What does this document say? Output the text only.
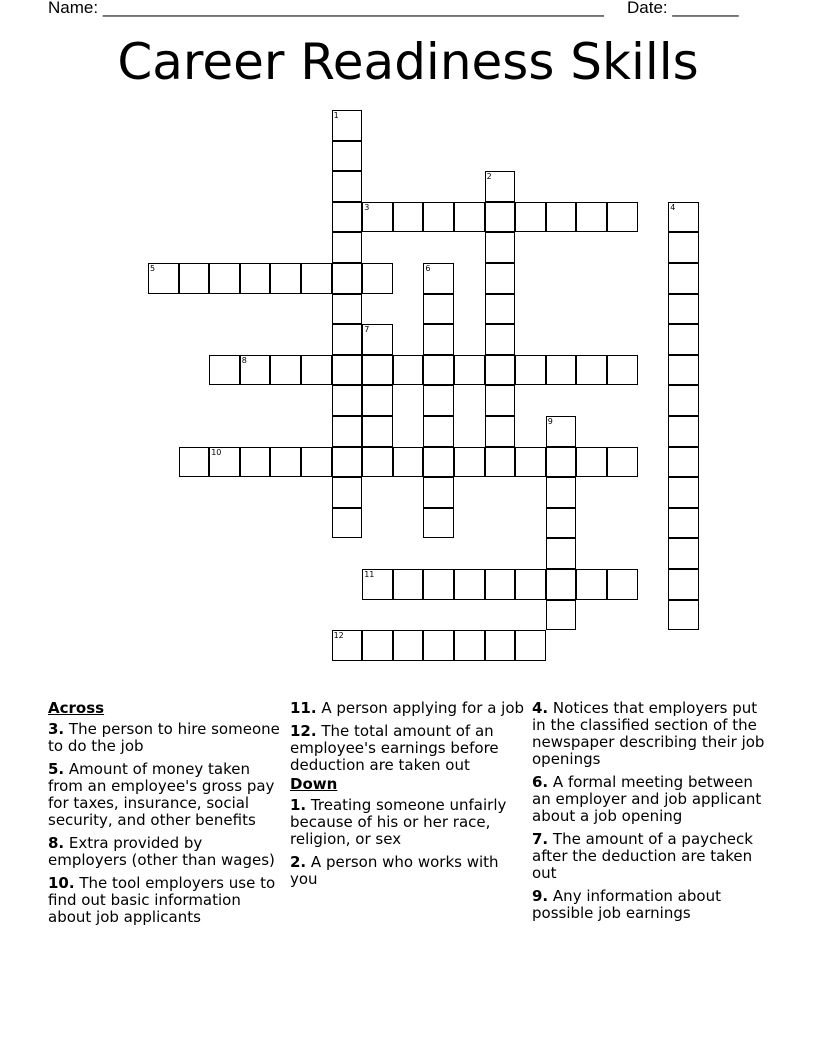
Name: _____________________________________________________ Date: _______
Career Readiness Skills
1
2
3	4
5	6
7
8
9
10
11
12
Across
3. The person to hire someone to do the job
5. Amount of money taken from an employee's gross pay for taxes, insurance, social security, and other benefits
8. Extra provided by employers (other than wages)
10. The tool employers use to find out basic information about job applicants
11. A person applying for a job
12. The total amount of an employee's earnings before deduction are taken out
Down
1. Treating someone unfairly because of his or her race, religion, or sex
2. A person who works with you
4. Notices that employers put in the classified section of the newspaper describing their job openings
6. A formal meeting between an employer and job applicant about a job opening
7. The amount of a paycheck after the deduction are taken out
9. Any information about possible job earnings
